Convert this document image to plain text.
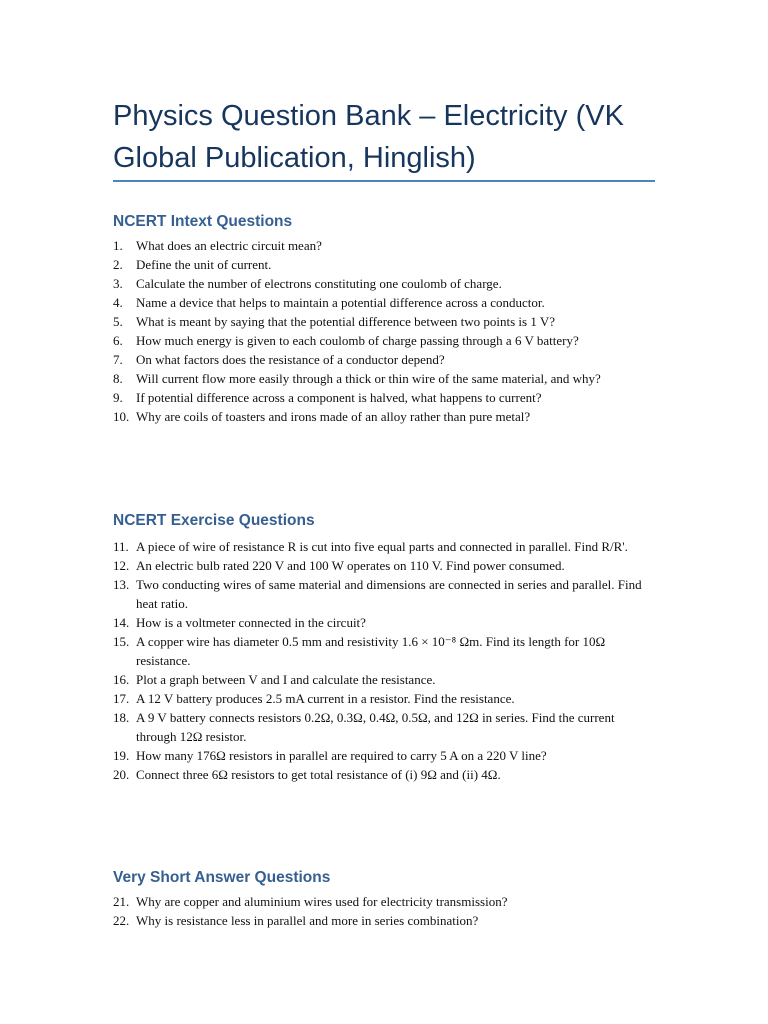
Physics Question Bank – Electricity (VK Global Publication, Hinglish)
NCERT Intext Questions
1.	What does an electric circuit mean?
2.	Define the unit of current.
3.	Calculate the number of electrons constituting one coulomb of charge.
4.	Name a device that helps to maintain a potential difference across a conductor.
5.	What is meant by saying that the potential difference between two points is 1 V?
6.	How much energy is given to each coulomb of charge passing through a 6 V battery?
7.	On what factors does the resistance of a conductor depend?
8.	Will current flow more easily through a thick or thin wire of the same material, and why?
9.	If potential difference across a component is halved, what happens to current?
10. Why are coils of toasters and irons made of an alloy rather than pure metal?
NCERT Exercise Questions
11. A piece of wire of resistance R is cut into five equal parts and connected in parallel. Find R/R'.
12. An electric bulb rated 220 V and 100 W operates on 110 V. Find power consumed.
13. Two conducting wires of same material and dimensions are connected in series and parallel. Find heat ratio.
14. How is a voltmeter connected in the circuit?
15. A copper wire has diameter 0.5 mm and resistivity 1.6 × 10⁻⁸ Ωm. Find its length for 10Ω resistance.
16. Plot a graph between V and I and calculate the resistance.
17. A 12 V battery produces 2.5 mA current in a resistor. Find the resistance.
18. A 9 V battery connects resistors 0.2Ω, 0.3Ω, 0.4Ω, 0.5Ω, and 12Ω in series. Find the current through 12Ω resistor.
19. How many 176Ω resistors in parallel are required to carry 5 A on a 220 V line?
20. Connect three 6Ω resistors to get total resistance of (i) 9Ω and (ii) 4Ω.
Very Short Answer Questions
21. Why are copper and aluminium wires used for electricity transmission?
22. Why is resistance less in parallel and more in series combination?
